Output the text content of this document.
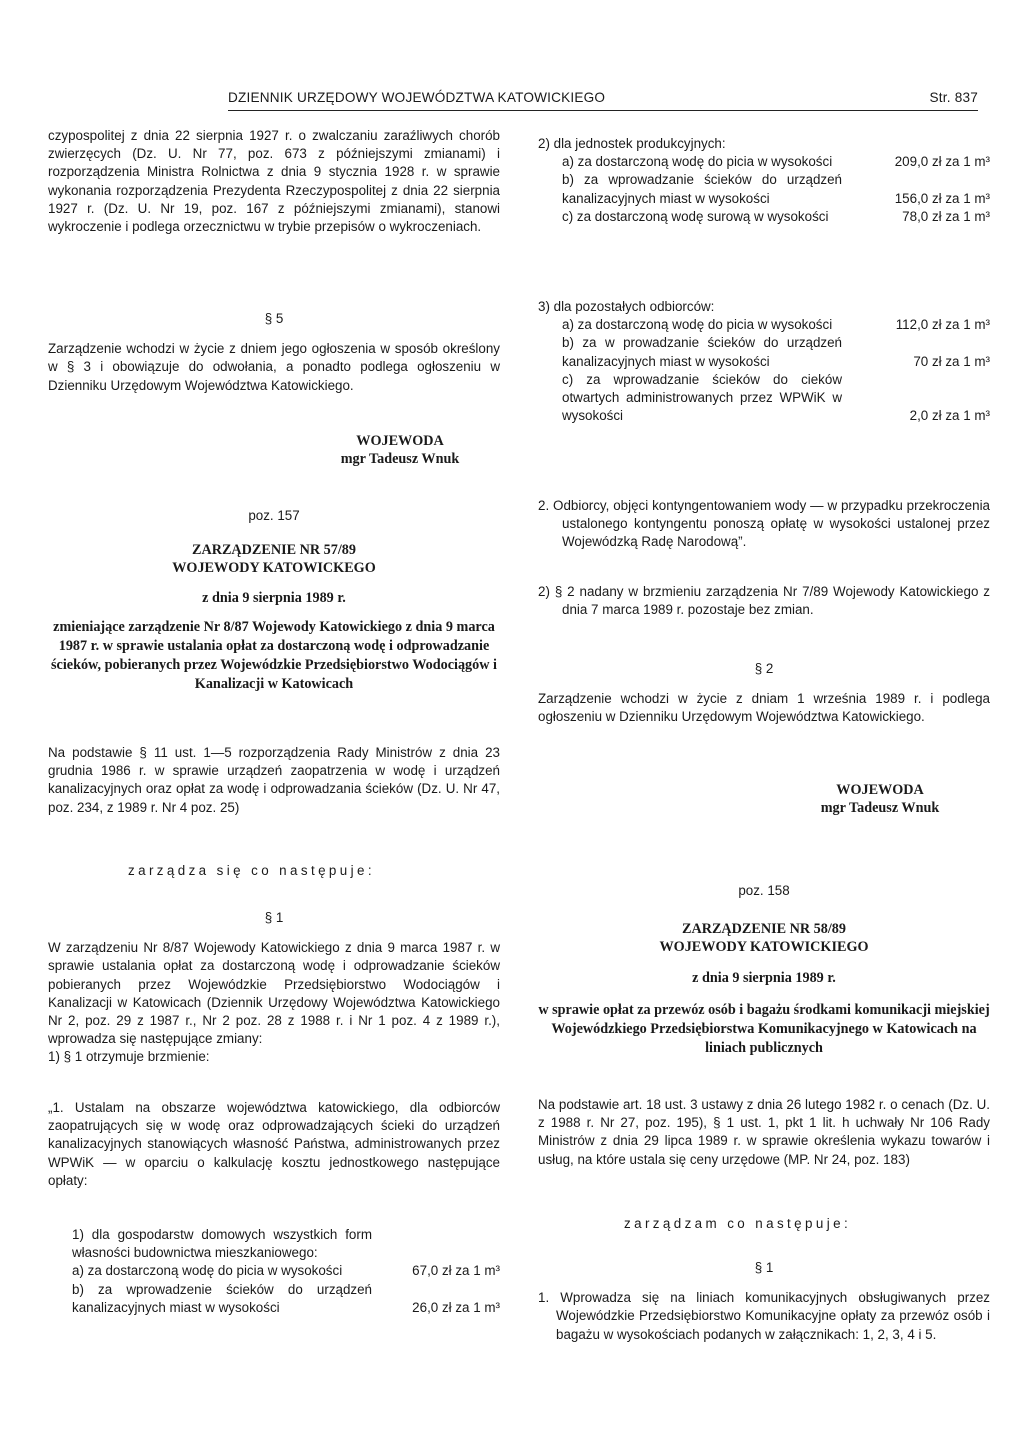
DZIENNIK URZĘDOWY WOJEWÓDZTWA KATOWICKIEGO	Str. 837

czypospolitej z dnia 22 sierpnia 1927 r. o zwalczaniu zaraźliwych chorób zwierzęcych (Dz. U. Nr 77, poz. 673 z późniejszymi zmianami) i rozporządzenia Ministra Rolnictwa z dnia 9 stycznia 1928 r. w sprawie wykonania rozporządzenia Prezydenta Rzeczypospolitej z dnia 22 sierpnia 1927 r. (Dz. U. Nr 19, poz. 167 z późniejszymi zmianami), stanowi wykroczenie i podlega orzecznictwu w trybie przepisów o wykroczeniach.

§ 5

Zarządzenie wchodzi w życie z dniem jego ogłoszenia w sposób określony w § 3 i obowiązuje do odwołania, a ponadto podlega ogłoszeniu w Dzienniku Urzędowym Województwa Katowickiego.

WOJEWODA
mgr Tadeusz Wnuk

poz. 157

ZARZĄDZENIE NR 57/89

WOJEWODY KATOWICKEGO

z dnia 9 sierpnia 1989 r.

zmieniające zarządzenie Nr 8/87 Wojewody Katowickiego z dnia 9 marca 1987 r. w sprawie ustalania opłat za dostarczoną wodę i odprowadzanie ścieków, pobieranych przez Wojewódzkie Przedsiębiorstwo Wodociągów i Kanalizacji w Katowicach

Na podstawie § 11 ust. 1—5 rozporządzenia Rady Ministrów z dnia 23 grudnia 1986 r. w sprawie urządzeń zaopatrzenia w wodę i urządzeń kanalizacyjnych oraz opłat za wodę i odprowadzania ścieków (Dz. U. Nr 47, poz. 234, z 1989 r. Nr 4 poz. 25)

zarządza się co następuje:

§ 1

W zarządzeniu Nr 8/87 Wojewody Katowickiego z dnia 9 marca 1987 r. w sprawie ustalania opłat za dostarczoną wodę i odprowadzanie ścieków pobieranych przez Wojewódzkie Przedsiębiorstwo Wodociągów i Kanalizacji w Katowicach (Dziennik Urzędowy Województwa Katowickiego Nr 2, poz. 29 z 1987 r., Nr 2 poz. 28 z 1988 r. i Nr 1 poz. 4 z 1989 r.), wprowadza się następujące zmiany:

1) § 1 otrzymuje brzmienie:

„1. Ustalam na obszarze województwa katowickiego, dla odbiorców zaopatrujących się w wodę oraz odprowadzających ścieki do urządzeń kanalizacyjnych stanowiących własność Państwa, administrowanych przez WPWiK — w oparciu o kalkulację kosztu jednostkowego następujące opłaty:

1) dla gospodarstw domowych wszystkich form własności budownictwa mieszkaniowego:

a) za dostarczoną wodę do picia w wysokości	67,0 zł za 1 m³

b) za wprowadzenie ścieków do urządzeń kanalizacyjnych miast w wysokości	26,0 zł za 1 m³

2) dla jednostek produkcyjnych:

a) za dostarczoną wodę do picia w wysokości	209,0 zł za 1 m³

b) za wprowadzanie ścieków do urządzeń kanalizacyjnych miast w wysokości	156,0 zł za 1 m³

c) za dostarczoną wodę surową w wysokości	78,0 zł za 1 m³

3) dla pozostałych odbiorców:

a) za dostarczoną wodę do picia w wysokości	112,0 zł za 1 m³

b) za w prowadzanie ścieków do urządzeń kanalizacyjnych miast w wysokości	70 zł za 1 m³

c) za wprowadzanie ścieków do cieków otwartych administrowanych przez WPWiK w wysokości	2,0 zł za 1 m³

2. Odbiorcy, objęci kontyngentowaniem wody — w przypadku przekroczenia ustalonego kontyngentu ponoszą opłatę w wysokości ustalonej przez Wojewódzką Radę Narodową”.

2) § 2 nadany w brzmieniu zarządzenia Nr 7/89 Wojewody Katowickiego z dnia 7 marca 1989 r. pozostaje bez zmian.

§ 2

Zarządzenie wchodzi w życie z dniam 1 września 1989 r. i podlega ogłoszeniu w Dzienniku Urzędowym Województwa Katowickiego.

WOJEWODA
mgr Tadeusz Wnuk

poz. 158

ZARZĄDZENIE NR 58/89

WOJEWODY KATOWICKIEGO

z dnia 9 sierpnia 1989 r.

w sprawie opłat za przewóz osób i bagażu środkami komunikacji miejskiej Wojewódzkiego Przedsiębiorstwa Komunikacyjnego w Katowicach na liniach publicznych

Na podstawie art. 18 ust. 3 ustawy z dnia 26 lutego 1982 r. o cenach (Dz. U. z 1988 r. Nr 27, poz. 195), § 1 ust. 1, pkt 1 lit. h uchwały Nr 106 Rady Ministrów z dnia 29 lipca 1989 r. w sprawie określenia wykazu towarów i usług, na które ustala się ceny urzędowe (MP. Nr 24, poz. 183)

zarządzam co następuje:

§ 1

1. Wprowadza się na liniach komunikacyjnych obsługiwanych przez Wojewódzkie Przedsiębiorstwo Komunikacyjne opłaty za przewóz osób i bagażu w wysokościach podanych w załącznikach: 1, 2, 3, 4 i 5.
